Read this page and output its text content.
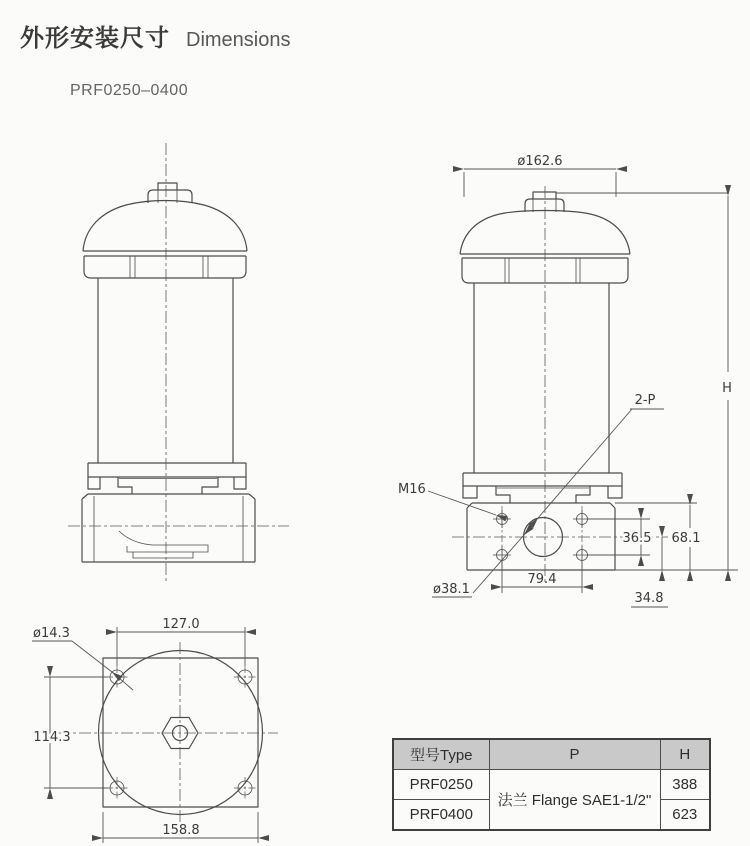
外形安装尺寸 Dimensions
PRF0250–0400
ø162.6
H
68.1
36.5
34.8
79.4
M16
2-P
ø38.1
127.0
114.3
158.8
ø14.3
型号Type	P	H
PRF0250	法兰 Flange SAE1-1/2"	388
PRF0400		623
